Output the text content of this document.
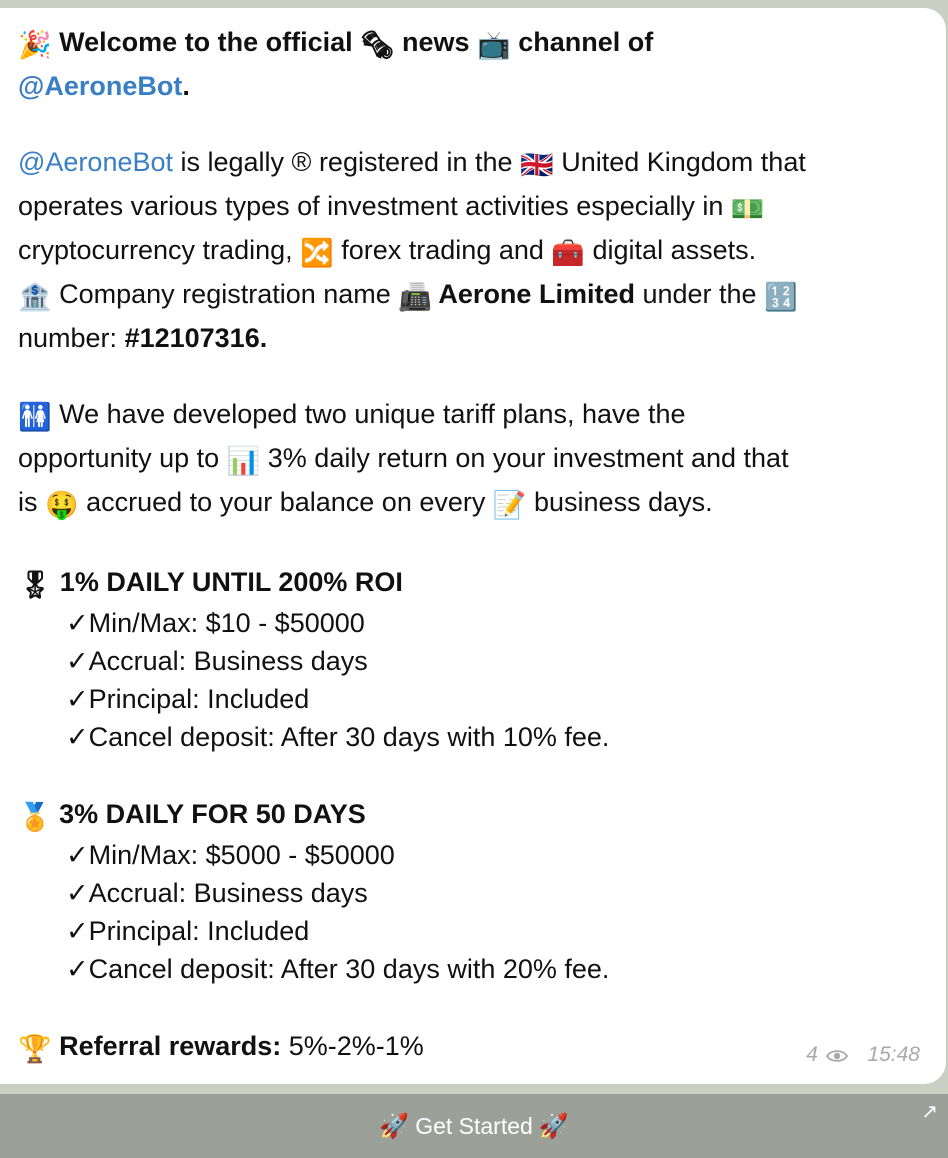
🎉 Welcome to the official 🗞 news 📺 channel of
@AeroneBot.
@AeroneBot is legally ® registered in the 🇬🇧 United Kingdom that
operates various types of investment activities especially in 💵
cryptocurrency trading, 🔀 forex trading and 🧰 digital assets.
🏦 Company registration name 📠 Aerone Limited under the 🔢
number: #12107316.
🚻 We have developed two unique tariff plans, have the
opportunity up to 📊 3% daily return on your investment and that
is 🤑 accrued to your balance on every 📝 business days.
🎖 1% DAILY UNTIL 200% ROI
✓Min/Max: $10 - $50000
✓Accrual: Business days
✓Principal: Included
✓Cancel deposit: After 30 days with 10% fee.
🏅 3% DAILY FOR 50 DAYS
✓Min/Max: $5000 - $50000
✓Accrual: Business days
✓Principal: Included
✓Cancel deposit: After 30 days with 20% fee.
🏆 Referral rewards: 5%-2%-1%	4 15:48
🚀 Get Started 🚀	↗
